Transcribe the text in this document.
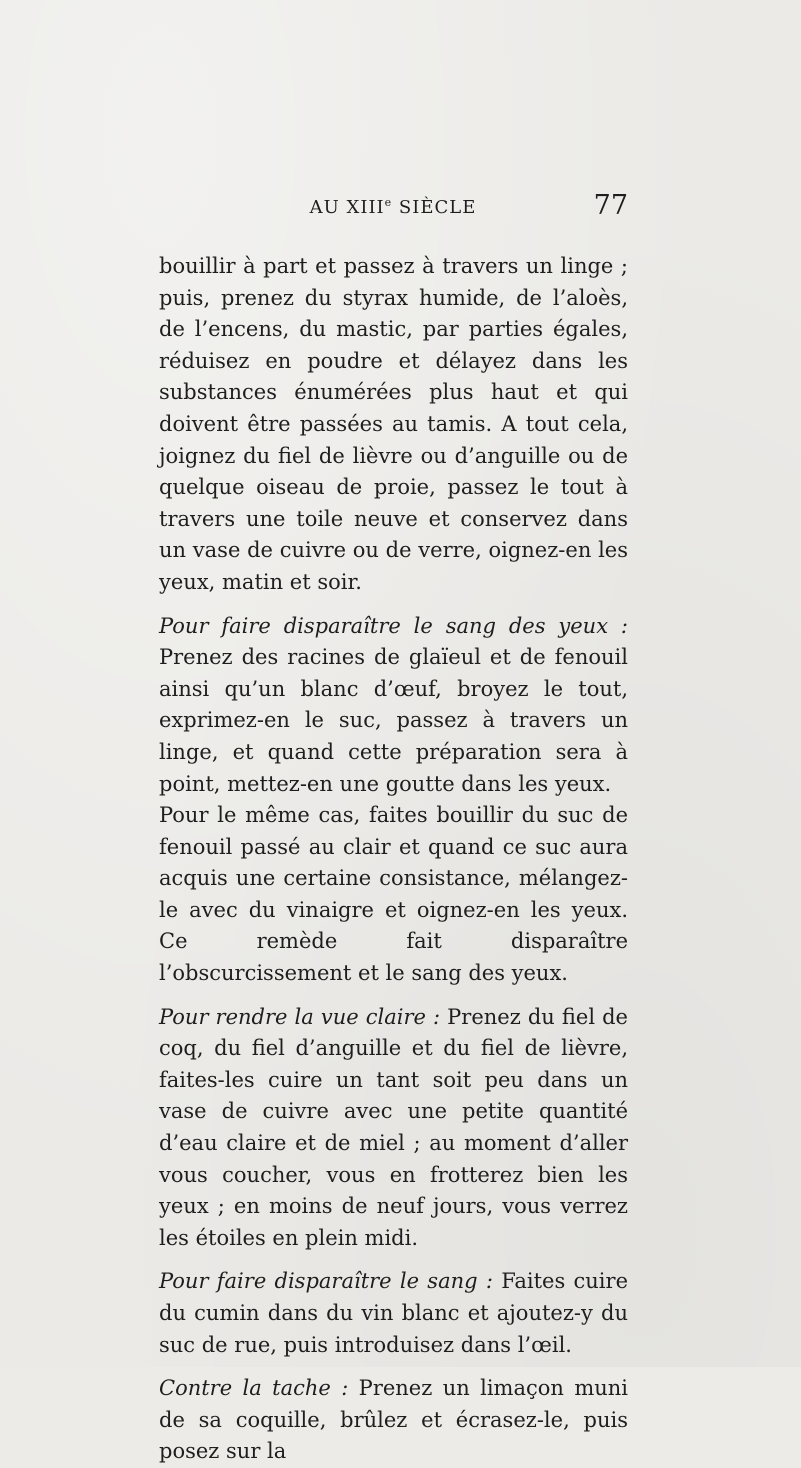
AU XIIIe SIÈCLE	77

bouillir à part et passez à travers un linge ; puis, prenez du styrax humide, de l’aloès, de l’encens, du mastic, par parties égales, réduisez en poudre et délayez dans les substances énumérées plus haut et qui doivent être passées au tamis. A tout cela, joignez du fiel de lièvre ou d’anguille ou de quelque oiseau de proie, passez le tout à travers une toile neuve et conservez dans un vase de cuivre ou de verre, oignez-en les yeux, matin et soir.

Pour faire disparaître le sang des yeux : Prenez des racines de glaïeul et de fenouil ainsi qu’un blanc d’œuf, broyez le tout, exprimez-en le suc, passez à travers un linge, et quand cette préparation sera à point, mettez-en une goutte dans les yeux.

Pour le même cas, faites bouillir du suc de fenouil passé au clair et quand ce suc aura acquis une certaine consistance, mélangez-le avec du vinaigre et oignez-en les yeux. Ce remède fait disparaître l’obscurcissement et le sang des yeux.

Pour rendre la vue claire : Prenez du fiel de coq, du fiel d’anguille et du fiel de lièvre, faites-les cuire un tant soit peu dans un vase de cuivre avec une petite quantité d’eau claire et de miel ; au moment d’aller vous coucher, vous en frotterez bien les yeux ; en moins de neuf jours, vous verrez les étoiles en plein midi.

Pour faire disparaître le sang : Faites cuire du cumin dans du vin blanc et ajoutez-y du suc de rue, puis introduisez dans l’œil.

Contre la tache : Prenez un limaçon muni de sa coquille, brûlez et écrasez-le, puis posez sur la
